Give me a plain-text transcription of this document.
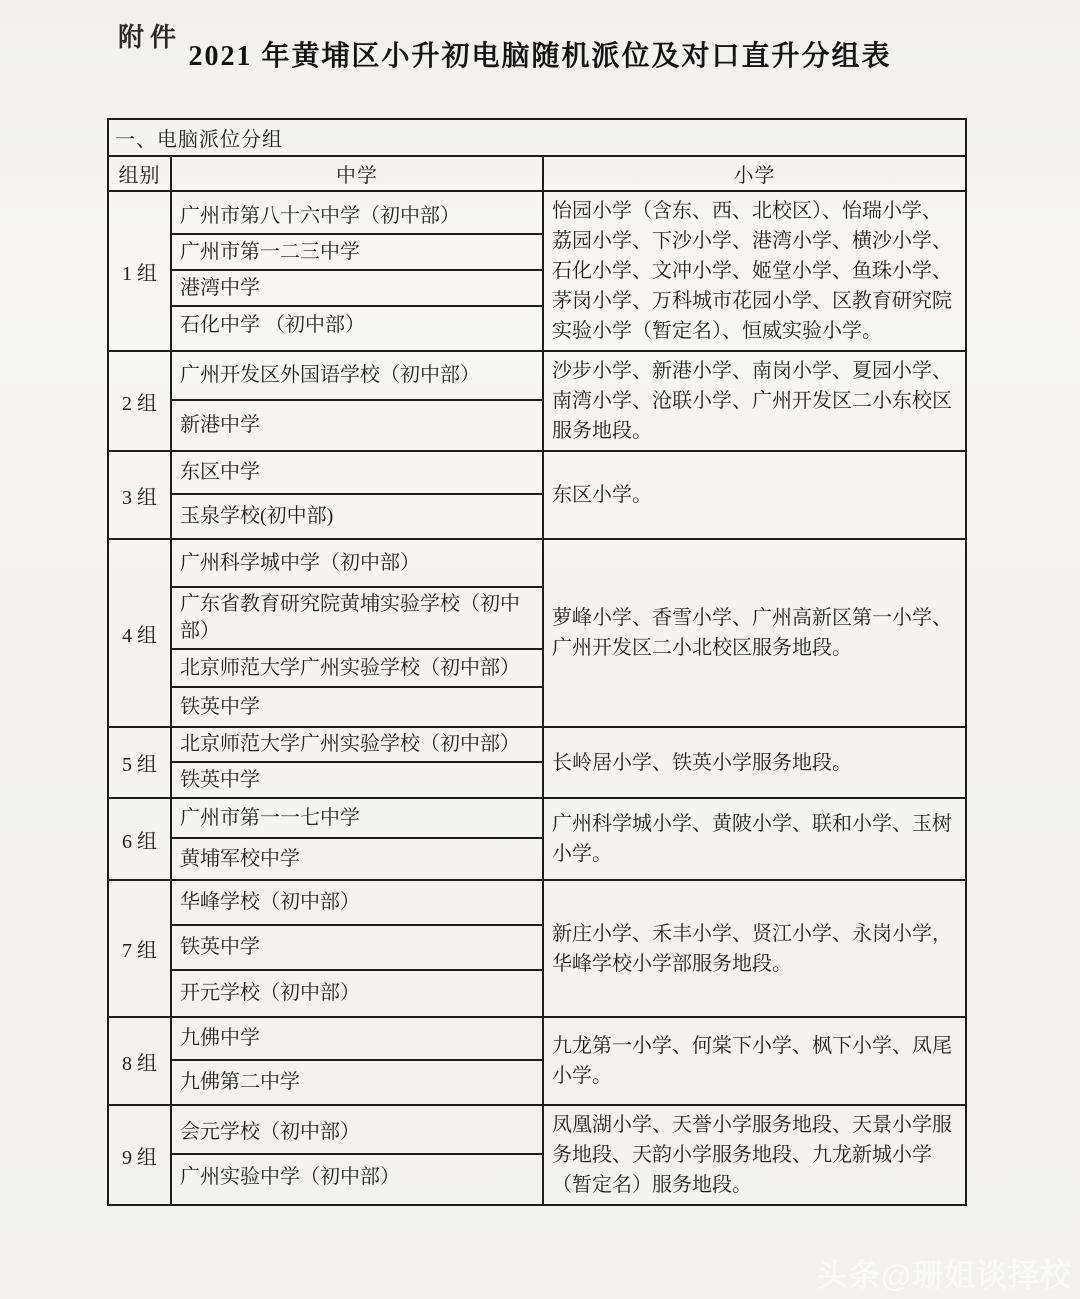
附件
2021 年黄埔区小升初电脑随机派位及对口直升分组表
一、电脑派位分组		
组别	中学	小学
1 组	广州市第八十六中学（初中部）
广州市第一二三中学
港湾中学
石化中学 （初中部）	怡园小学（含东、西、北校区）、怡瑞小学、荔园小学、下沙小学、港湾小学、横沙小学、石化小学、文冲小学、姬堂小学、鱼珠小学、茅岗小学、万科城市花园小学、区教育研究院实验小学（暂定名）、恒威实验小学。
2 组	广州开发区外国语学校（初中部）
新港中学	沙步小学、新港小学、南岗小学、夏园小学、南湾小学、沧联小学、广州开发区二小东校区服务地段。
3 组	东区中学
玉泉学校(初中部)	东区小学。
4 组	广州科学城中学（初中部）
广东省教育研究院黄埔实验学校（初中部）
北京师范大学广州实验学校（初中部）
铁英中学	萝峰小学、香雪小学、广州高新区第一小学、广州开发区二小北校区服务地段。
5 组	北京师范大学广州实验学校（初中部）
铁英中学	长岭居小学、铁英小学服务地段。
6 组	广州市第一一七中学
黄埔军校中学	广州科学城小学、黄陂小学、联和小学、玉树小学。
7 组	华峰学校（初中部）
铁英中学
开元学校（初中部）	新庄小学、禾丰小学、贤江小学、永岗小学，华峰学校小学部服务地段。
8 组	九佛中学
九佛第二中学	九龙第一小学、何棠下小学、枫下小学、凤尾小学。
9 组	会元学校（初中部）
广州实验中学（初中部）	凤凰湖小学、天誉小学服务地段、天景小学服务地段、天韵小学服务地段、九龙新城小学（暂定名）服务地段。
头条@珊姐谈择校
